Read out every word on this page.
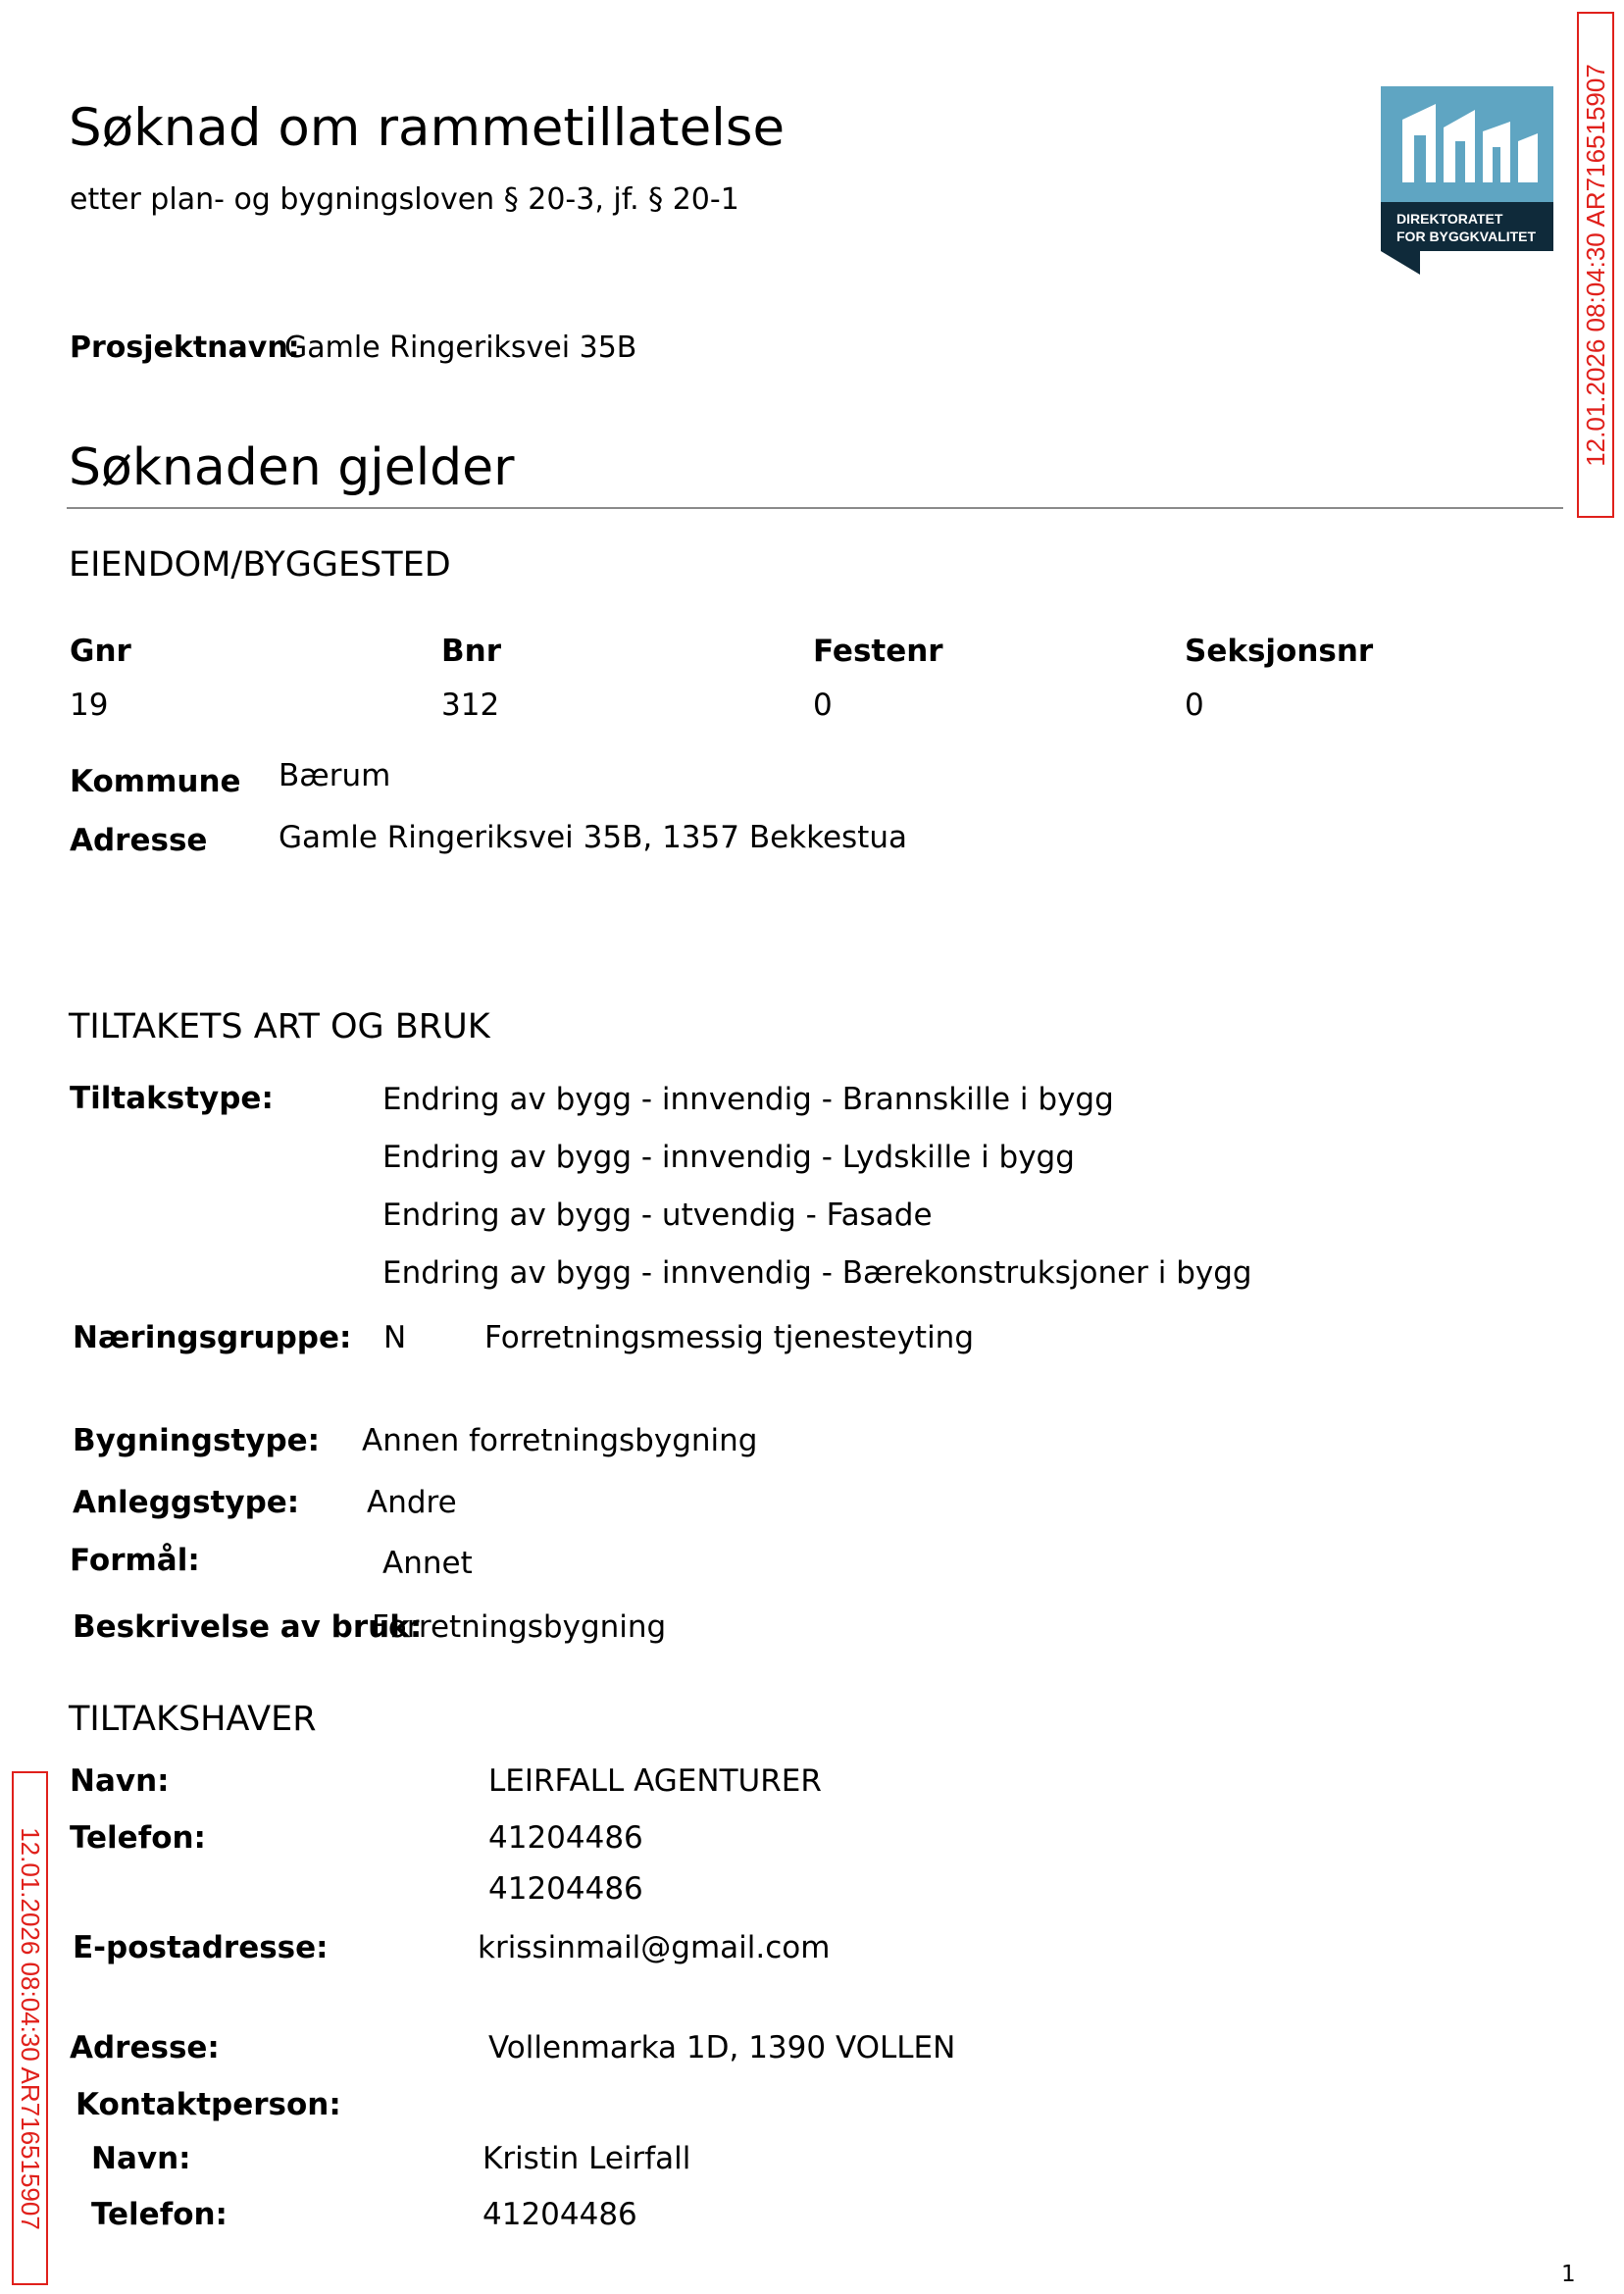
Søknad om rammetillatelse
etter plan- og bygningsloven § 20-3, jf. § 20-1
DIREKTORATET
FOR BYGGKVALITET 12.01.2026 08:04:30 AR716515907
12.01.2026 08:04:30 AR716515907
Prosjektnavn:
Gamle Ringeriksvei 35B
Søknaden gjelder
EIENDOM/BYGGESTED
Gnr	Bnr	Festenr	Seksjonsnr
19	312	0	0
Kommune Bærum
Adresse Gamle Ringeriksvei 35B, 1357 Bekkestua
TILTAKETS ART OG BRUK
Tiltakstype:	Endring av bygg - innvendig - Brannskille i bygg
Endring av bygg - innvendig - Lydskille i bygg
Endring av bygg - utvendig - Fasade
Endring av bygg - innvendig - Bærekonstruksjoner i bygg
Næringsgruppe: N	Forretningsmessig tjenesteyting
Bygningstype: Annen forretningsbygning
Anleggstype: Andre
Formål:	Annet
Beskrivelse av bruk:
Forretningsbygning
TILTAKSHAVER
Navn:	LEIRFALL AGENTURER
Telefon:	41204486
41204486
E-postadresse:	krissinmail@gmail.com
Adresse:	Vollenmarka 1D, 1390 VOLLEN
Kontaktperson:
Navn:	Kristin Leirfall
Telefon:	41204486
1
